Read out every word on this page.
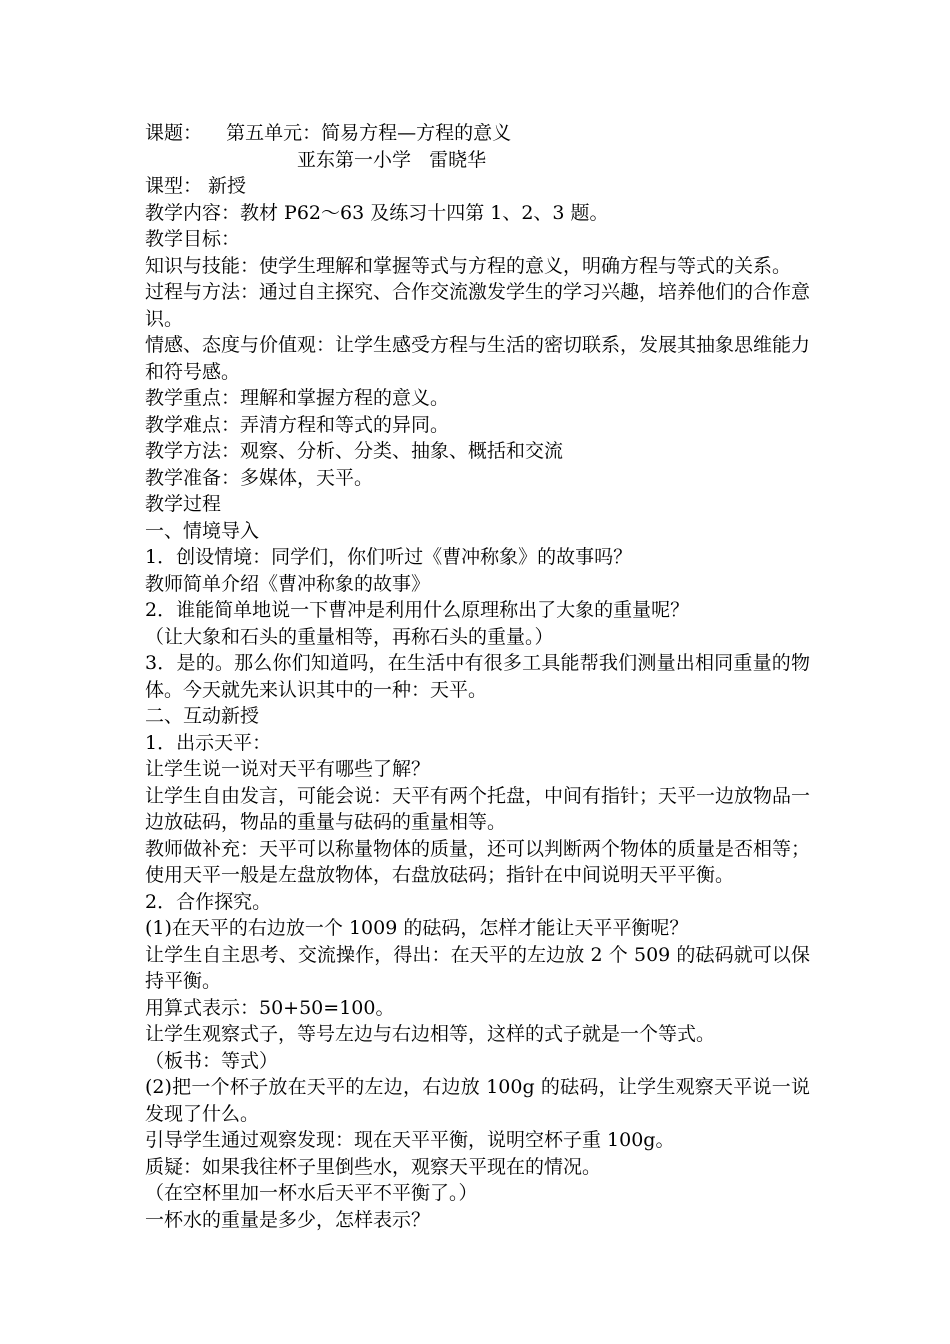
课题：    第五单元：简易方程—方程的意义
亚东第一小学   雷晓华

课型： 新授

教学内容：教材 P62～63 及练习十四第 1、2、3 题。

教学目标：

知识与技能：使学生理解和掌握等式与方程的意义，明确方程与等式的关系。

过程与方法：通过自主探究、合作交流激发学生的学习兴趣，培养他们的合作意识。

情感、态度与价值观：让学生感受方程与生活的密切联系，发展其抽象思维能力和符号感。

教学重点：理解和掌握方程的意义。

教学难点：弄清方程和等式的异同。

教学方法：观察、分析、分类、抽象、概括和交流

教学准备：多媒体，天平。

教学过程

一、情境导入

1．创设情境：同学们，你们听过《曹冲称象》的故事吗？

教师简单介绍《曹冲称象的故事》

2．谁能简单地说一下曹冲是利用什么原理称出了大象的重量呢？

（让大象和石头的重量相等，再称石头的重量。）

3．是的。那么你们知道吗，在生活中有很多工具能帮我们测量出相同重量的物体。今天就先来认识其中的一种：天平。

二、互动新授

1．出示天平：

让学生说一说对天平有哪些了解？

让学生自由发言，可能会说：天平有两个托盘，中间有指针；天平一边放物品一边放砝码，物品的重量与砝码的重量相等。

教师做补充：天平可以称量物体的质量，还可以判断两个物体的质量是否相等；使用天平一般是左盘放物体，右盘放砝码；指针在中间说明天平平衡。

2．合作探究。

(1)在天平的右边放一个 1009 的砝码，怎样才能让天平平衡呢？

让学生自主思考、交流操作，得出：在天平的左边放 2 个 509 的砝码就可以保持平衡。

用算式表示：50+50=100。

让学生观察式子，等号左边与右边相等，这样的式子就是一个等式。

（板书：等式）

(2)把一个杯子放在天平的左边，右边放 100g 的砝码，让学生观察天平说一说发现了什么。

引导学生通过观察发现：现在天平平衡，说明空杯子重 100g。

质疑：如果我往杯子里倒些水，观察天平现在的情况。

（在空杯里加一杯水后天平不平衡了。）

一杯水的重量是多少，怎样表示？
